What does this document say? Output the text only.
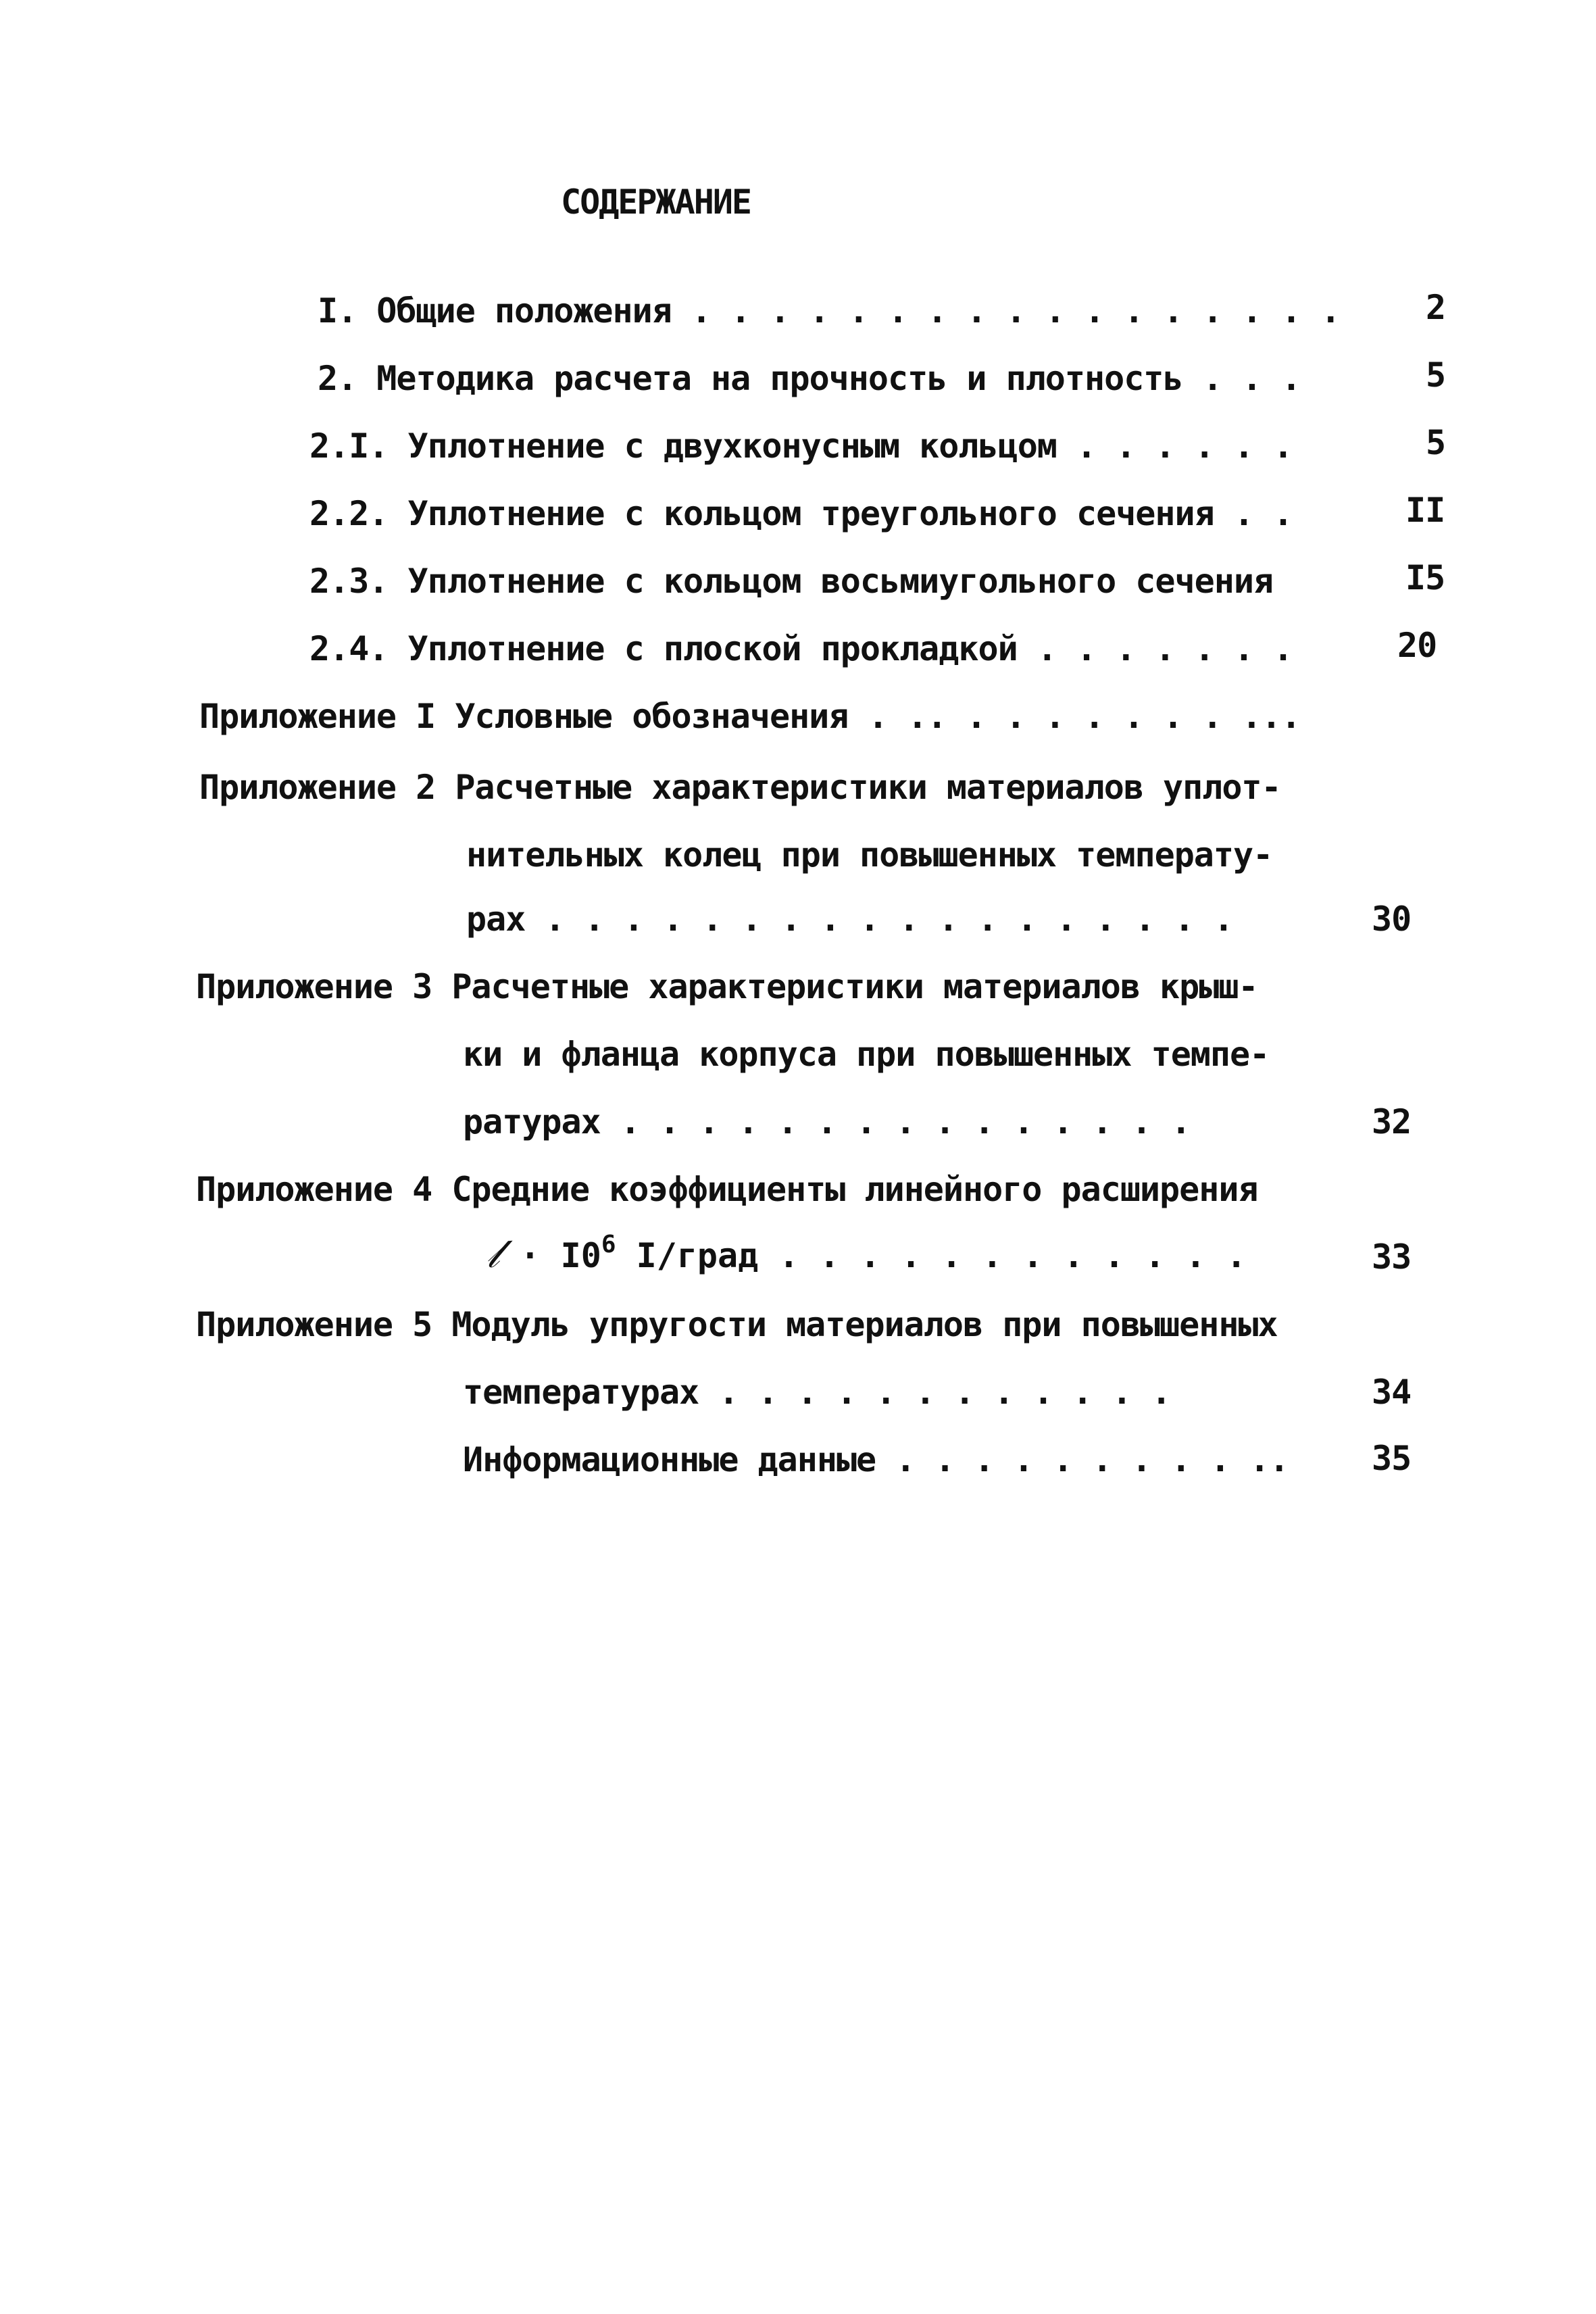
СОДЕРЖАНИЕ
I. Общие положения . . . . . . . . . . . . . . . . .	2
2. Методика расчета на прочность и плотность . . .	5
2.I. Уплотнение с двухконусным кольцом . . . . . .	5
2.2. Уплотнение с кольцом треугольного сечения . .	II
2.3. Уплотнение с кольцом восьмиугольного сечения	I5
2.4. Уплотнение с плоской прокладкой . . . . . . .	20
Приложение I Условные обозначения . .. . . . . . . . ...
Приложение 2 Расчетные характеристики материалов уплот-
нительных колец при повышенных температу-
рах . . . . . . . . . . . . . . . . . .	30
Приложение 3 Расчетные характеристики материалов крыш-
ки и фланца корпуса при повышенных темпе-
ратурах . . . . . . . . . . . . . . .	32
Приложение 4 Средние коэффициенты линейного расширения
𝓁 · $I0^6$ I/град . . . . . . . . . . . .	33
Приложение 5 Модуль упругости материалов при повышенных
температурах . . . . . . . . . . . .	34
Информационные данные . . . . . . . . . .. 35
